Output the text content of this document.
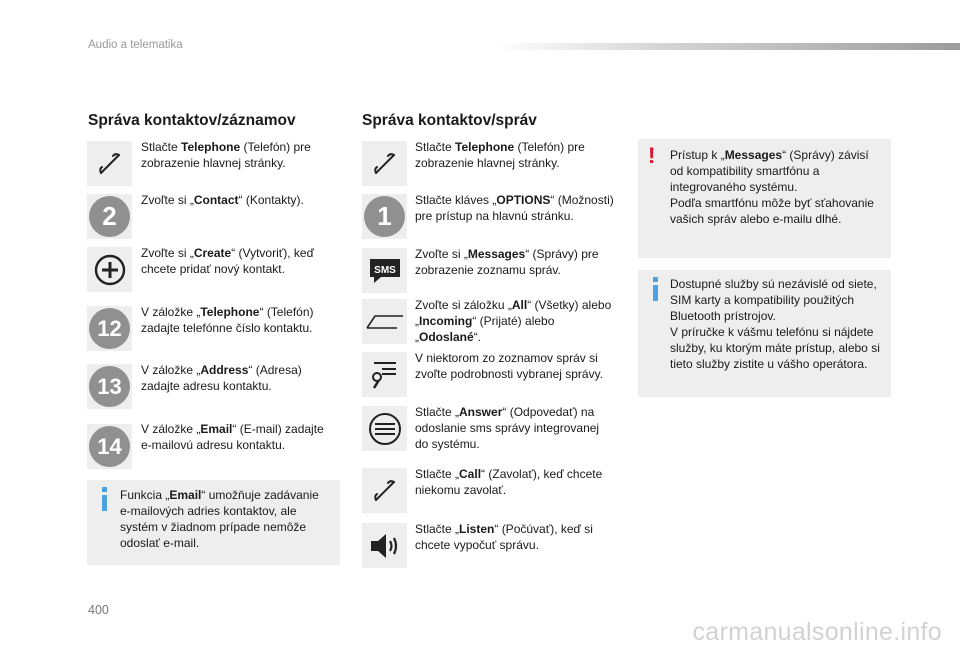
Audio a telematika
Správa kontaktov/záznamov
Stlačte Telephone (Telefón) pre zobrazenie hlavnej stránky.
2
Zvoľte si „Contact“ (Kontakty).
Zvoľte si „Create“ (Vytvoriť), keď chcete pridať nový kontakt.
12
V záložke „Telephone“ (Telefón) zadajte telefónne číslo kontaktu.
13
V záložke „Address“ (Adresa) zadajte adresu kontaktu.
14
V záložke „Email“ (E-mail) zadajte e-mailovú adresu kontaktu.
Funkcia „Email“ umožňuje zadávanie e-mailových adries kontaktov, ale systém v žiadnom prípade nemôže odoslať e-mail.
Správa kontaktov/správ
Stlačte Telephone (Telefón) pre zobrazenie hlavnej stránky.
1
Stlačte kláves „OPTIONS“ (Možnosti) pre prístup na hlavnú stránku.
SMS
Zvoľte si „Messages“ (Správy) pre zobrazenie zoznamu správ.
Zvoľte si záložku „All“ (Všetky) alebo „Incoming“ (Prijaté) alebo „Odoslané“.
V niektorom zo zoznamov správ si zvoľte podrobnosti vybranej správy.
Stlačte „Answer“ (Odpovedať) na odoslanie sms správy integrovanej do systému.
Stlačte „Call“ (Zavolať), keď chcete niekomu zavolať.
Stlačte „Listen“ (Počúvať), keď si chcete vypočuť správu.
! Prístup k „Messages“ (Správy) závisí od kompatibility smartfónu a integrovaného systému.
Podľa smartfónu môže byť sťahovanie vašich správ alebo e-mailu dlhé.
Dostupné služby sú nezávislé od siete, SIM karty a kompatibility použitých Bluetooth prístrojov.
V príručke k vášmu telefónu si nájdete služby, ku ktorým máte prístup, alebo si tieto služby zistite u vášho operátora.
400
carmanualsonline.info
